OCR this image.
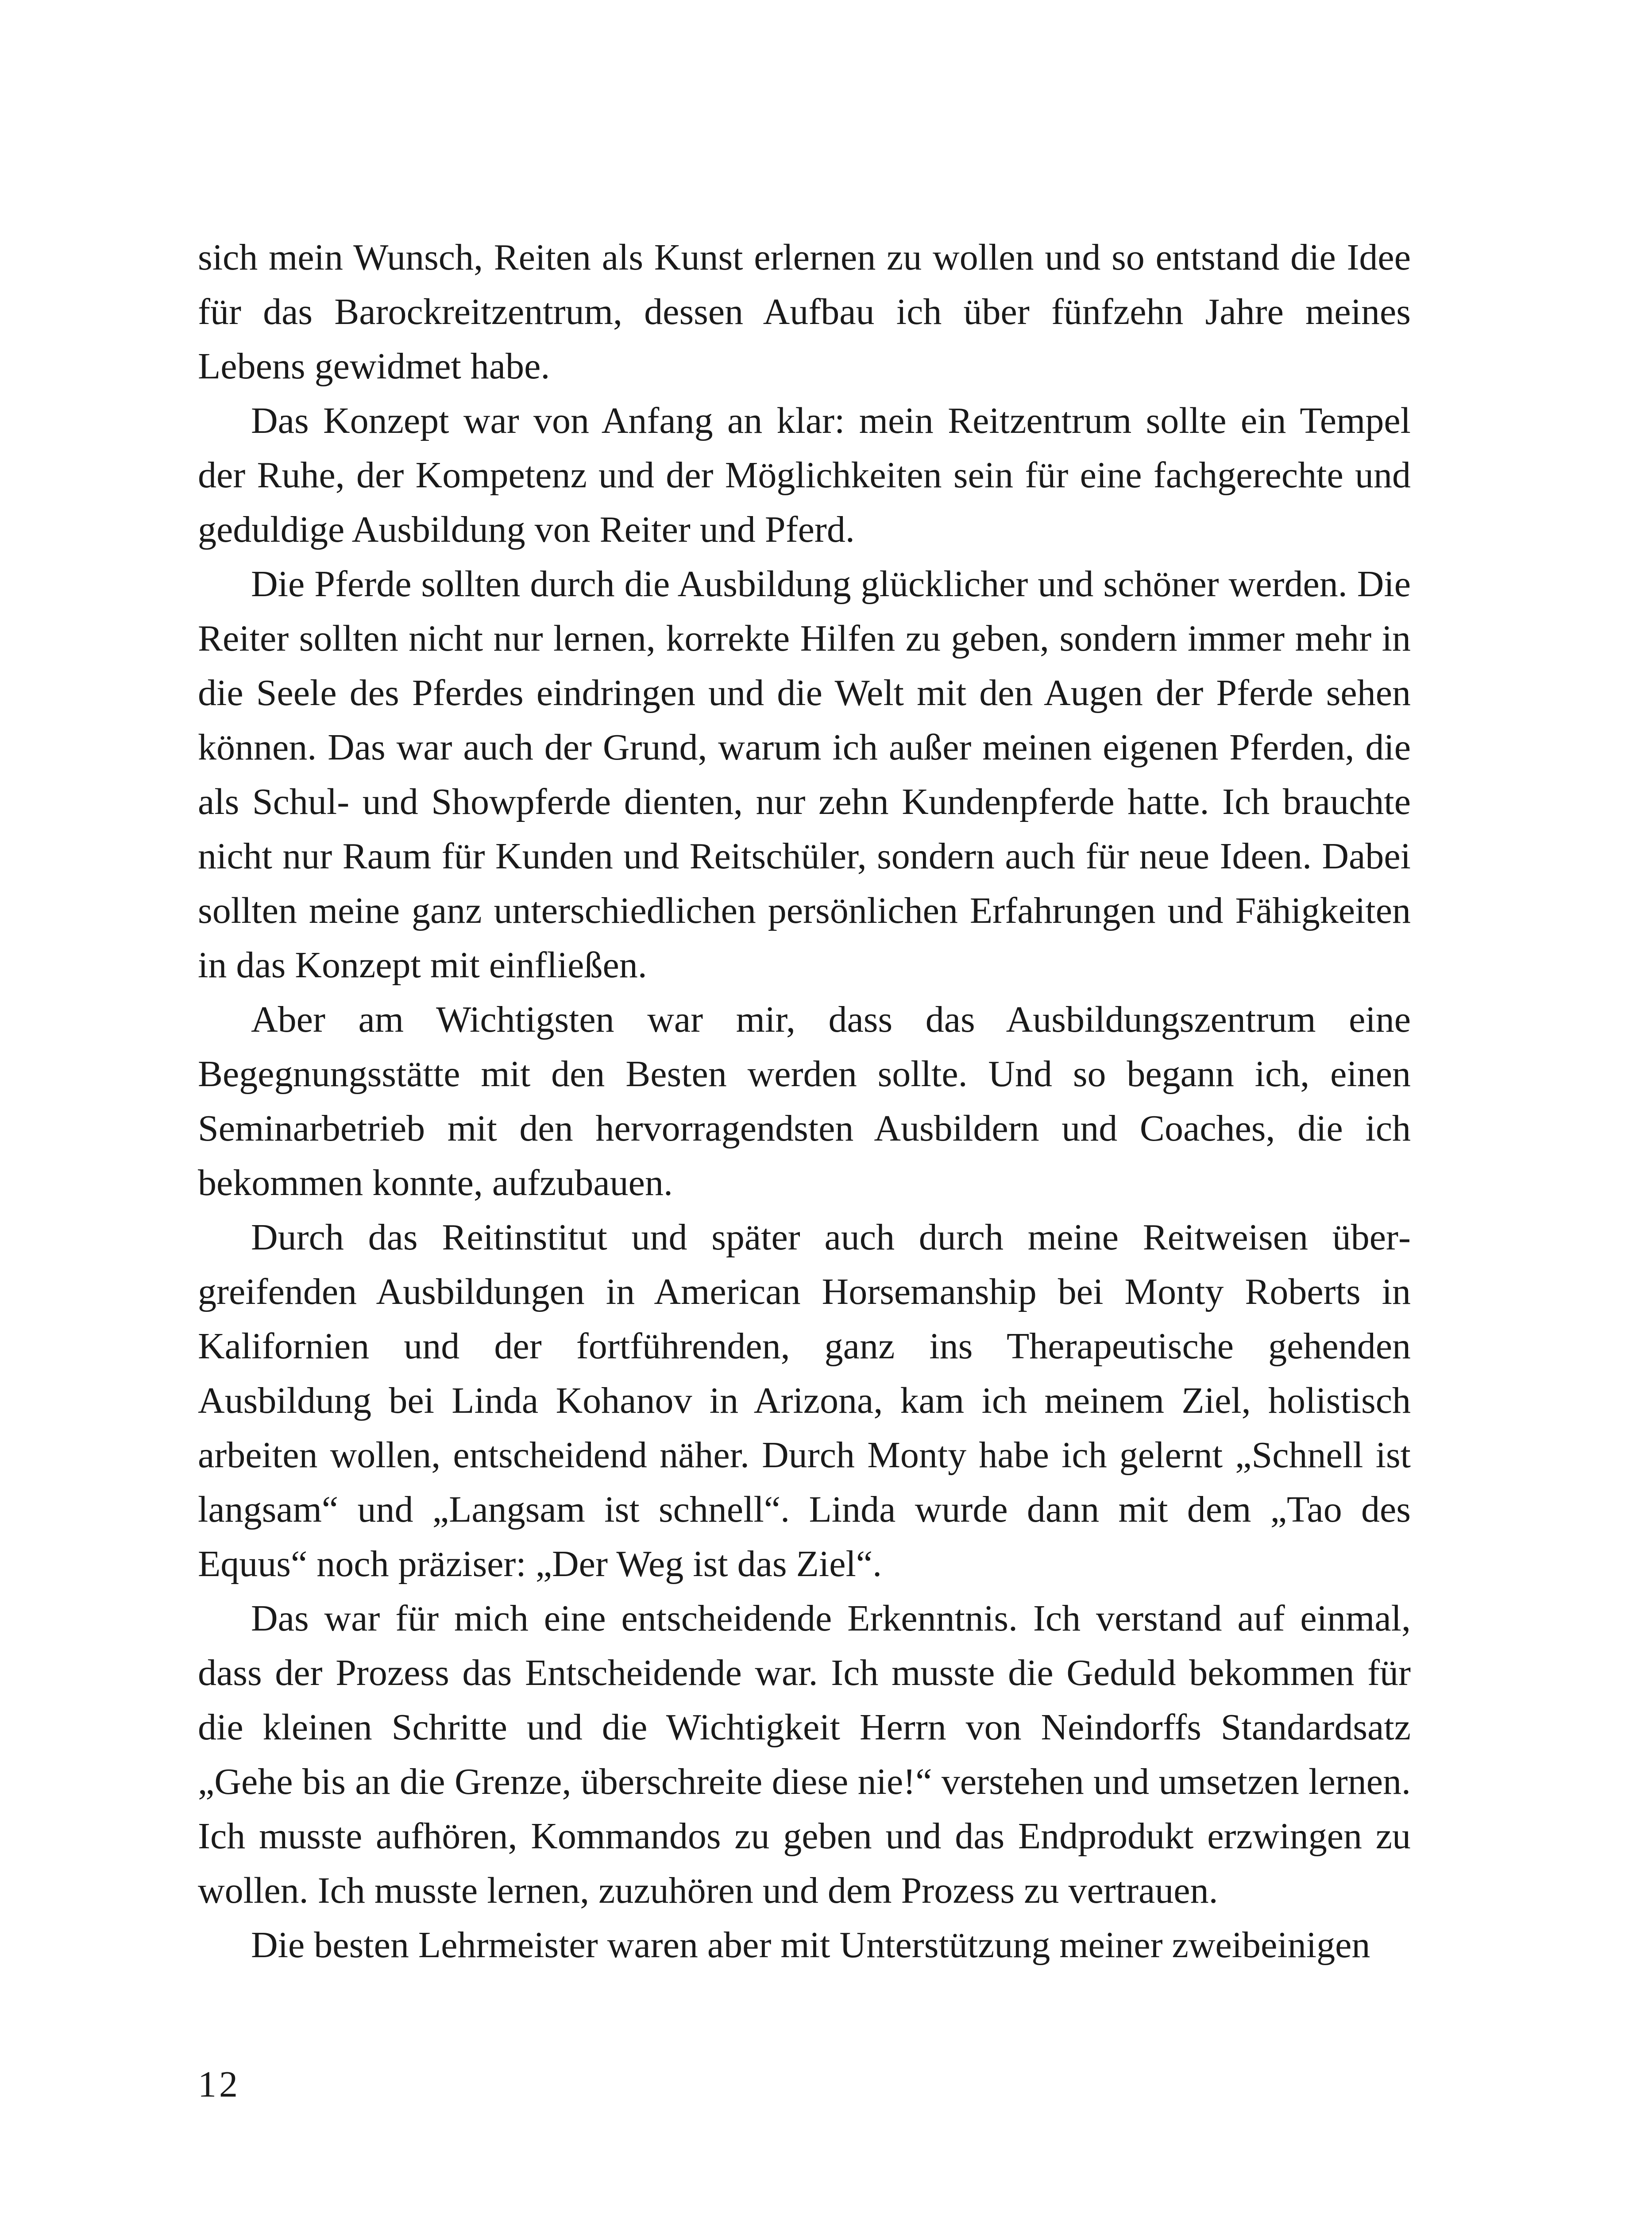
sich mein Wunsch, Reiten als Kunst erlernen zu wollen und so entstand die Idee für das Barockreitzentrum, dessen Aufbau ich über fünfzehn Jahre meines Lebens gewidmet habe.

Das Konzept war von Anfang an klar: mein Reitzentrum sollte ein Tempel der Ruhe, der Kompetenz und der Möglichkeiten sein für eine fachgerechte und geduldige Ausbildung von Reiter und Pferd.

Die Pferde sollten durch die Ausbildung glücklicher und schöner werden. Die Reiter sollten nicht nur lernen, korrekte Hilfen zu geben, sondern immer mehr in die Seele des Pferdes eindringen und die Welt mit den Augen der Pferde sehen können. Das war auch der Grund, warum ich außer meinen eigenen Pferden, die als Schul- und Showpferde dienten, nur zehn Kundenpferde hatte. Ich brauchte nicht nur Raum für Kunden und Reitschüler, sondern auch für neue Ideen. Dabei sollten meine ganz unterschiedlichen persönlichen Erfahrungen und Fähigkeiten in das Konzept mit einfließen.

Aber am Wichtigsten war mir, dass das Ausbildungszentrum eine Begegnungsstätte mit den Besten werden sollte. Und so begann ich, einen Seminarbetrieb mit den hervorragendsten Ausbildern und Coaches, die ich bekommen konnte, aufzubauen.

Durch das Reitinstitut und später auch durch meine Reitweisen übergreifenden Ausbildungen in American Horsemanship bei Monty Roberts in Kalifornien und der fortführenden, ganz ins Therapeutische gehenden Ausbildung bei Linda Kohanov in Arizona, kam ich meinem Ziel, holistisch arbeiten wollen, entscheidend näher. Durch Monty habe ich gelernt „Schnell ist langsam“ und „Langsam ist schnell“. Linda wurde dann mit dem „Tao des Equus“ noch präziser: „Der Weg ist das Ziel“.

Das war für mich eine entscheidende Erkenntnis. Ich verstand auf einmal, dass der Prozess das Entscheidende war. Ich musste die Geduld bekommen für die kleinen Schritte und die Wichtigkeit Herrn von Neindorffs Standardsatz „Gehe bis an die Grenze, überschreite diese nie!“ verstehen und umsetzen lernen. Ich musste aufhören, Kommandos zu geben und das Endprodukt erzwingen zu wollen. Ich musste lernen, zuzuhören und dem Prozess zu vertrauen.

Die besten Lehrmeister waren aber mit Unterstützung meiner zweibeinigen

12
